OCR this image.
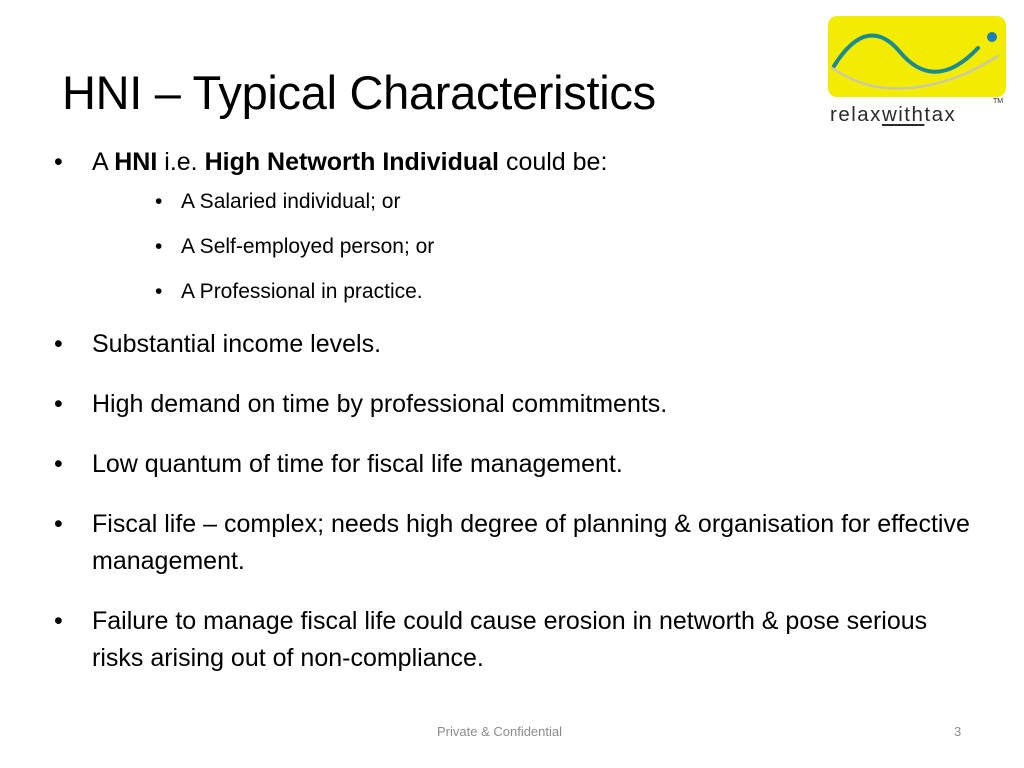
HNI – Typical Characteristics	relaxwithtax
TM
•	A HNI i.e. High Networth Individual could be:
• A Salaried individual; or
• A Self-employed person; or
• A Professional in practice.
•	Substantial income levels.
•	High demand on time by professional commitments.
•	Low quantum of time for fiscal life management.
•	Fiscal life – complex; needs high degree of planning & organisation for effective management.
•	Failure to manage fiscal life could cause erosion in networth & pose serious risks arising out of non-compliance.
Private & Confidential	3
